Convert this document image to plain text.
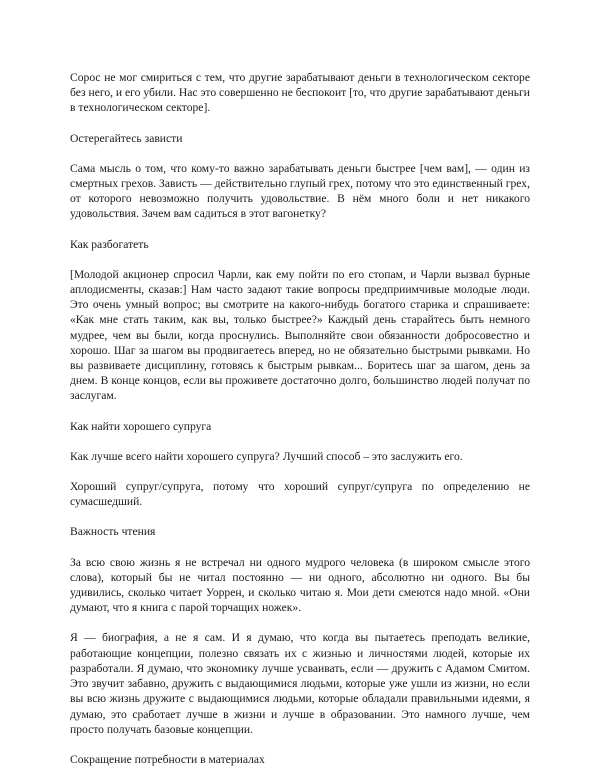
Сорос не мог смириться с тем, что другие зарабатывают деньги в технологическом секторе без него, и его убили. Нас это совершенно не беспокоит [то, что другие зарабатывают деньги в технологическом секторе].

Остерегайтесь зависти

Сама мысль о том, что кому-то важно зарабатывать деньги быстрее [чем вам], — один из смертных грехов. Зависть — действительно глупый грех, потому что это единственный грех, от которого невозможно получить удовольствие. В нём много боли и нет никакого удовольствия. Зачем вам садиться в этот вагонетку?

Как разбогатеть

[Молодой акционер спросил Чарли, как ему пойти по его стопам, и Чарли вызвал бурные аплодисменты, сказав:] Нам часто задают такие вопросы предприимчивые молодые люди. Это очень умный вопрос; вы смотрите на какого-нибудь богатого старика и спрашиваете: «Как мне стать таким, как вы, только быстрее?» Каждый день старайтесь быть немного мудрее, чем вы были, когда проснулись. Выполняйте свои обязанности добросовестно и хорошо. Шаг за шагом вы продвигаетесь вперед, но не обязательно быстрыми рывками. Но вы развиваете дисциплину, готовясь к быстрым рывкам... Боритесь шаг за шагом, день за днем. В конце концов, если вы проживете достаточно долго, большинство людей получат по заслугам.

Как найти хорошего супруга

Как лучше всего найти хорошего супруга? Лучший способ – это заслужить его.

Хороший супруг/супруга, потому что хороший супруг/супруга по определению не сумасшедший.

Важность чтения

За всю свою жизнь я не встречал ни одного мудрого человека (в широком смысле этого слова), который бы не читал постоянно — ни одного, абсолютно ни одного. Вы бы удивились, сколько читает Уоррен, и сколько читаю я. Мои дети смеются надо мной. «Они думают, что я книга с парой торчащих ножек».

Я — биография, а не я сам. И я думаю, что когда вы пытаетесь преподать великие, работающие концепции, полезно связать их с жизнью и личностями людей, которые их разработали. Я думаю, что экономику лучше усваивать, если — дружить с Адамом Смитом. Это звучит забавно, дружить с выдающимися людьми, которые уже ушли из жизни, но если вы всю жизнь дружите с выдающимися людьми, которые обладали правильными идеями, я думаю, это сработает лучше в жизни и лучше в образовании. Это намного лучше, чем просто получать базовые концепции.

Сокращение потребности в материалах
